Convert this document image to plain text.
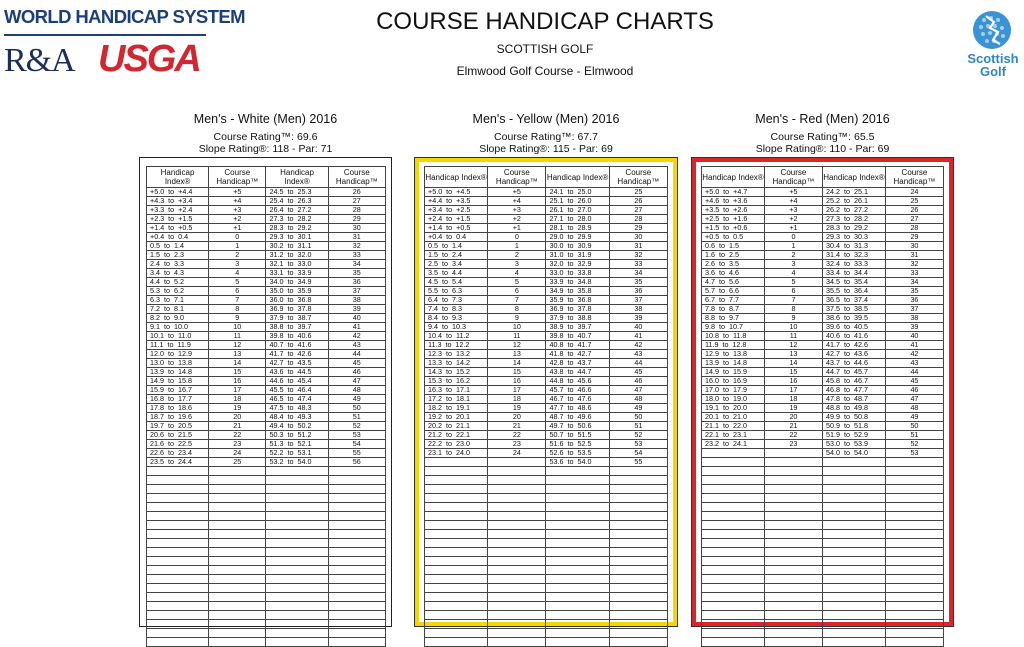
WORLD HANDICAP SYSTEM
R&A USGA	Scottish
Golf
COURSE HANDICAP CHARTS
SCOTTISH GOLF
Elmwood Golf Course - Elmwood
Men's - White (Men) 2016
Course Rating™: 69.6
Slope Rating®: 118 - Par: 71
Men's - Yellow (Men) 2016
Course Rating™: 67.7
Slope Rating®: 115 - Par: 69
Men's - Red (Men) 2016
Course Rating™: 65.5
Slope Rating®: 110 - Par: 69
Handicap Index®	Course Handicap™	Handicap Index®	Course Handicap™
+5.0  to  +4.4	+5	24.5  to  25.3	26
+4.3  to  +3.4	+4	25.4  to  26.3	27
+3.3  to  +2.4	+3	26.4  to  27.2	28
+2.3  to  +1.5	+2	27.3  to  28.2	29
+1.4  to  +0.5	+1	28.3  to  29.2	30
+0.4  to  0.4	0	29.3  to  30.1	31
0.5  to  1.4	1	30.2  to  31.1	32
1.5  to  2.3	2	31.2  to  32.0	33
2.4  to  3.3	3	32.1  to  33.0	34
3.4  to  4.3	4	33.1  to  33.9	35
4.4  to  5.2	5	34.0  to  34.9	36
5.3  to  6.2	6	35.0  to  35.9	37
6.3  to  7.1	7	36.0  to  36.8	38
7.2  to  8.1	8	36.9  to  37.8	39
8.2  to  9.0	9	37.9  to  38.7	40
9.1  to  10.0	10	38.8  to  39.7	41
10.1  to  11.0	11	39.8  to  40.6	42
11.1  to  11.9	12	40.7  to  41.6	43
12.0  to  12.9	13	41.7  to  42.6	44
13.0  to  13.8	14	42.7  to  43.5	45
13.9  to  14.8	15	43.6  to  44.5	46
14.9  to  15.8	16	44.6  to  45.4	47
15.9  to  16.7	17	45.5  to  46.4	48
16.8  to  17.7	18	46.5  to  47.4	49
17.8  to  18.6	19	47.5  to  48.3	50
18.7  to  19.6	20	48.4  to  49.3	51
19.7  to  20.5	21	49.4  to  50.2	52
20.6  to  21.5	22	50.3  to  51.2	53
21.6  to  22.5	23	51.3  to  52.1	54
22.6  to  23.4	24	52.2  to  53.1	55
23.5  to  24.4	25	53.2  to  54.0	56

Handicap Index®	Course Handicap™	Handicap Index®	Course Handicap™
+5.0  to  +4.5	+5	24.1  to  25.0	25
+4.4  to  +3.5	+4	25.1  to  26.0	26
+3.4  to  +2.5	+3	26.1  to  27.0	27
+2.4  to  +1.5	+2	27.1  to  28.0	28
+1.4  to  +0.5	+1	28.1  to  28.9	29
+0.4  to  0.4	0	29.0  to  29.9	30
0.5  to  1.4	1	30.0  to  30.9	31
1.5  to  2.4	2	31.0  to  31.9	32
2.5  to  3.4	3	32.0  to  32.9	33
3.5  to  4.4	4	33.0  to  33.8	34
4.5  to  5.4	5	33.9  to  34.8	35
5.5  to  6.3	6	34.9  to  35.8	36
6.4  to  7.3	7	35.9  to  36.8	37
7.4  to  8.3	8	36.9  to  37.8	38
8.4  to  9.3	9	37.9  to  38.8	39
9.4  to  10.3	10	38.9  to  39.7	40
10.4  to  11.2	11	39.8  to  40.7	41
11.3  to  12.2	12	40.8  to  41.7	42
12.3  to  13.2	13	41.8  to  42.7	43
13.3  to  14.2	14	42.8  to  43.7	44
14.3  to  15.2	15	43.8  to  44.7	45
15.3  to  16.2	16	44.8  to  45.6	46
16.3  to  17.1	17	45.7  to  46.6	47
17.2  to  18.1	18	46.7  to  47.6	48
18.2  to  19.1	19	47.7  to  48.6	49
19.2  to  20.1	20	48.7  to  49.6	50
20.2  to  21.1	21	49.7  to  50.6	51
21.2  to  22.1	22	50.7  to  51.5	52
22.2  to  23.0	23	51.6  to  52.5	53
23.1  to  24.0	24	52.6  to  53.5	54
		53.6  to  54.0	55

Handicap Index®	Course Handicap™	Handicap Index®	Course Handicap™
+5.0  to  +4.7	+5	24.2  to  25.1	24
+4.6  to  +3.6	+4	25.2  to  26.1	25
+3.5  to  +2.6	+3	26.2  to  27.2	26
+2.5  to  +1.6	+2	27.3  to  28.2	27
+1.5  to  +0.6	+1	28.3  to  29.2	28
+0.5  to  0.5	0	29.3  to  30.3	29
0.6  to  1.5	1	30.4  to  31.3	30
1.6  to  2.5	2	31.4  to  32.3	31
2.6  to  3.5	3	32.4  to  33.3	32
3.6  to  4.6	4	33.4  to  34.4	33
4.7  to  5.6	5	34.5  to  35.4	34
5.7  to  6.6	6	35.5  to  36.4	35
6.7  to  7.7	7	36.5  to  37.4	36
7.8  to  8.7	8	37.5  to  38.5	37
8.8  to  9.7	9	38.6  to  39.5	38
9.8  to  10.7	10	39.6  to  40.5	39
10.8  to  11.8	11	40.6  to  41.6	40
11.9  to  12.8	12	41.7  to  42.6	41
12.9  to  13.8	13	42.7  to  43.6	42
13.9  to  14.8	14	43.7  to  44.6	43
14.9  to  15.9	15	44.7  to  45.7	44
16.0  to  16.9	16	45.8  to  46.7	45
17.0  to  17.9	17	46.8  to  47.7	46
18.0  to  19.0	18	47.8  to  48.7	47
19.1  to  20.0	19	48.8  to  49.8	48
20.1  to  21.0	20	49.9  to  50.8	49
21.1  to  22.0	21	50.9  to  51.8	50
22.1  to  23.1	22	51.9  to  52.9	51
23.2  to  24.1	23	53.0  to  53.9	52
		54.0  to  54.0	53
